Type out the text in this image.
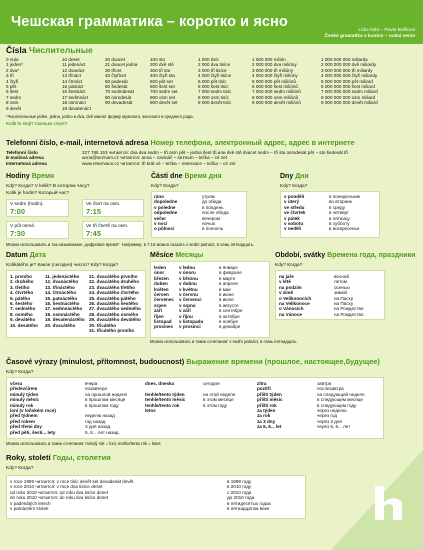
Чешская грамматика – коротко и ясно
Lída Holá – Pavla Bořilová
Česká gramatika v kostce – ruská verze
Čísla Числительные
0 nula
1 jeden*
2 dva*
3 tři
4 čtyři
5 pět
6 šest
7 sedm
8 osm
9 devět
10 deset
11 jedenáct
12 dvanáct
13 třináct
14 čtrnáct
15 patnáct
16 šestnáct
17 sedmnáct
18 osmnáct
19 devatenáct
20 dvacet
21 dvacet jedna
30 třicet
40 čtyřicet
50 padesát
60 šedesát
70 sedmdesát
80 osmdesát
90 devadesát
100 sto
200 dvě stě
300 tři sta
400 čtyři sta
500 pět set
600 šest set
700 sedm set
800 osm set
900 devět set
1 000 tisíc
2 000 dva tisíce
3 000 tři tisíce
4 000 čtyři tisíce
5 000 pět tisíc
6 000 šest tisíc
7 000 sedm tisíc
8 000 osm tisíc
9 000 devět tisíc
1 000 000 milión
2 000 000 dva milióny
3 000 000 tři milióny
4 000 000 čtyři milióny
5 000 000 pět miliónů
6 000 000 šest miliónů
7 000 000 sedm miliónů
8 000 000 osm miliónů
9 000 000 devět miliónů
1 000 000 000 miliarda
2 000 000 000 dvě miliardy
3 000 000 000 tři miliardy
4 000 000 000 čtyři miliardy
5 000 000 000 pět miliard
6 000 000 000 šest miliard
7 000 000 000 sedm miliard
8 000 000 000 osm miliard
9 000 000 000 devět miliard
*Числительные jeden, jedna, jedno и dva, dvě имеют форму мужского, женского и среднего рода.
Kolik to stojí? Сколько стоит?
Telefonní číslo, e-mail, internetová adresa Номер телефона, электронный адрес, адрес в интернете
Telefonní číslo
E-mailová adresa
Internetová adresa
227 785 153 читается: dva dva sedm – tři osm pět – jedna šest tři или dvě stě dvacet sedm – tři sta osmdesát pět – sto šedesát tři
anna@seznam.cz читается: anna – zavináč – seznam – tečka – cé zet
www.reservace.cz читается: tři krát vé – tečka – reservace – tečka – cé zet
Hodiny Время
Kdy? Когда? V kolik? В котором часу?
Kolik je hodin? Который час?
V sedm (hodin).
7:00
Ve čtvrt na osm.
7:15
V půl osmé.
7:30
Ve tři čtvrtě na osm.
7:45
Можно использовать и так называемое „цифровое время“. Например, в 7:15 можно сказать v sedm patnáct, в семь пятнадцать.
Části dne Время дня
Kdy? Когда?
ráno
dopoledne
v poledne
odpoledne
večer
v noci
o půlnoci
утром
до обеда
в полдень
после обеда
вечером
ночью
в полночь
Dny Дни
Kdy? Когда?
v pondělí
v úterý
ve středu
ve čtvrtek
v pátek
v sobotu
v neděli
в понедельник
во вторник
в среду
в четверг
в пятницу
в субботу
в воскресенье
Datum Дата
Kolikátého je? Какое (сегодня) число? Kdy? Когда?
1. prvního
2. druhého
3. třetího
4. čtvrtého
5. pátého
6. šestého
7. sedmého
8. osmého
9. devátého
10. desátého
11. jedenáctého
12. dvanáctého
13. třináctého
14. čtrnáctého
15. patnáctého
16. šestnáctého
17. sedmnáctého
18. osmnáctého
19. devatenáctého
20. dvacátého
21. dvacátého prvního
22. dvacátého druhého
23. dvacátého třetího
24. dvacátého čtvrtého
25. dvacátého pátého
26. dvacátého šestého
27. dvacátého sedmého
28. dvacátého osmého
29. dvacátého devátého
30. třicátého
31. třicátého prvního
Měsíce Месяцы
leden
únor
březen
duben
květen
červen
červenec
srpen
září
říjen
listopad
prosinec
v lednu
v únoru
v březnu
v dubnu
v květnu
v červnu
v červenci
v srpnu
v září
v říjnu
v listopadu
v prosinci
в январе
в феврале
в марте
в апреле
в мае
в июне
в июле
в августе
в сентябре
в октябре
в ноябре
в декабре
Období, svátky Времена года, праздники
Kdy? Когда?
na jaře
v létě
na podzim
v zimě
o Velikonocích
na Velikonoce
o Vánocích
na Vánoce
весной
летом
осенью
зимой
на Пасху
на Пасху
на Рождество
на Рождество
Можно использовать и такие сочетания: v sedm patnáct, в семь пятнадцать.
Časové výrazy (minulost, přítomnost, budoucnost) Выражение времени (прошлое, настоящее,будущее)
Kdy? Когда?
včera
předevčírem
minulý týden
minulý měsíc
minulý rok
loni (v loňském roce)
před týdnem
před rokem
před třemi dny
před pěti, šesti... lety
вчера
позавчера
на прошлой неделе
в прошлом месяце
в прошлом году
неделю назад
год назад
3 дня назад
5, 6... лет назад
dnes, dneska
tenhle/tento týden
tenhle/tento měsíc
tenhle/tento rok
letos
сегодня
на этой неделе
в этом месяце
в этом году
zítra
pozítří
příští týden
příští měsíc
příští rok
za týden
za rok
za 3 dny
za 5, 6... let
завтра
послезавтра
на следующей неделе
в следующем месяце
в следующем году
через неделю
через год
через 3 дня
через 5, 6... лет
Можно использовать и такие сочетания: minulý rok = loni, tenhle/tento rok = letos
Roky, století Годы, столетия
Kdy? Когда?
v roce 1999 читается: v roce tisíc devět set devadesát devět
v roce 2010 читается: v roce dva tisíce deset
od roku 2010 читается: od roku dva tisíce deset
do roku 2010 читается: do roku dva tisíce deset
v padesátých letech
v patnáctém století
в 1999 году
в 2010 году
с 2010 года
до 2010 года
в пятидесятых годах
в пятнадцатом веке
